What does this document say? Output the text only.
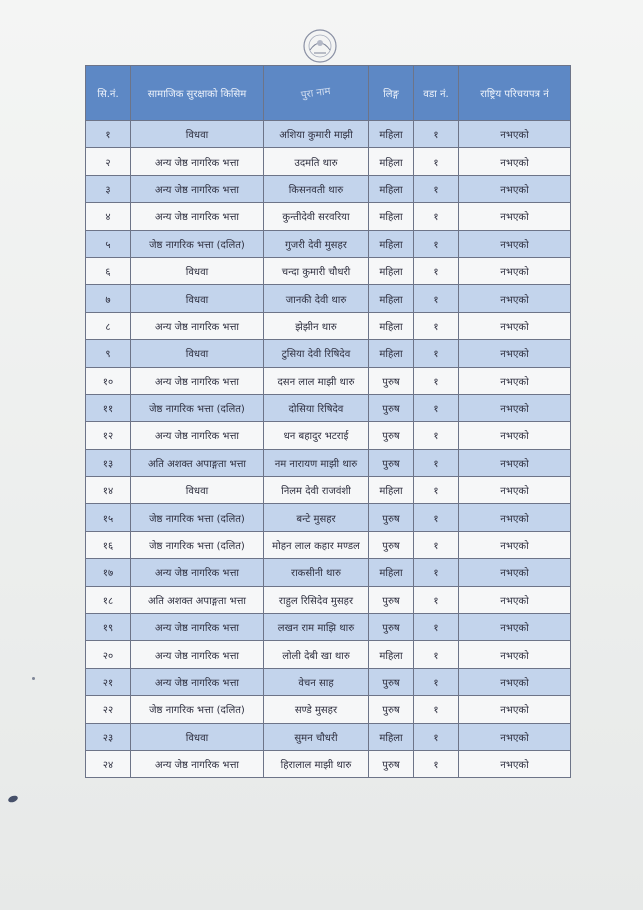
सि.नं.	सामाजिक सुरक्षाको किसिम	पुरा नाम	लिङ्ग	वडा नं.	राष्ट्रिय परिचयपत्र नं
१	विधवा	अशिया कुमारी माझी	महिला	१	नभएको
२	अन्य जेष्ठ नागरिक भत्ता	उदमति थारु	महिला	१	नभएको
३	अन्य जेष्ठ नागरिक भत्ता	किसनवती थारु	महिला	१	नभएको
४	अन्य जेष्ठ नागरिक भत्ता	कुन्तीदेवी सरवरिया	महिला	१	नभएको
५	जेष्ठ नागरिक भत्ता (दलित)	गुजरी देवी मुसहर	महिला	१	नभएको
६	विधवा	चन्दा कुमारी चौधरी	महिला	१	नभएको
७	विधवा	जानकी देवी थारु	महिला	१	नभएको
८	अन्य जेष्ठ नागरिक भत्ता	झेझीन थारु	महिला	१	नभएको
९	विधवा	टुसिया देवी रिषिदेव	महिला	१	नभएको
१०	अन्य जेष्ठ नागरिक भत्ता	दसन लाल माझी थारु	पुरुष	१	नभएको
११	जेष्ठ नागरिक भत्ता (दलित)	दोसिया रिषिदेव	पुरुष	१	नभएको
१२	अन्य जेष्ठ नागरिक भत्ता	धन बहादुर भटराई	पुरुष	१	नभएको
१३	अति अशक्त अपाङ्गता भत्ता	नम नारायण माझी थारु	पुरुष	१	नभएको
१४	विधवा	निलम देवी राजवंशी	महिला	१	नभएको
१५	जेष्ठ नागरिक भत्ता (दलित)	बन्टे मुसहर	पुरुष	१	नभएको
१६	जेष्ठ नागरिक भत्ता (दलित)	मोहन लाल कहार मण्डल	पुरुष	१	नभएको
१७	अन्य जेष्ठ नागरिक भत्ता	राकसीनी थारु	महिला	१	नभएको
१८	अति अशक्त अपाङ्गता भत्ता	राहुल रिसिदेव मुसहर	पुरुष	१	नभएको
१९	अन्य जेष्ठ नागरिक भत्ता	लखन राम माझि थारु	पुरुष	१	नभएको
२०	अन्य जेष्ठ नागरिक भत्ता	लोली देबी खा थारु	महिला	१	नभएको
२१	अन्य जेष्ठ नागरिक भत्ता	वेचन साह	पुरुष	१	नभएको
२२	जेष्ठ नागरिक भत्ता (दलित)	सण्डे मुसहर	पुरुष	१	नभएको
२३	विधवा	सुमन चौधरी	महिला	१	नभएको
२४	अन्य जेष्ठ नागरिक भत्ता	हिरालाल माझी थारु	पुरुष	१	नभएको
